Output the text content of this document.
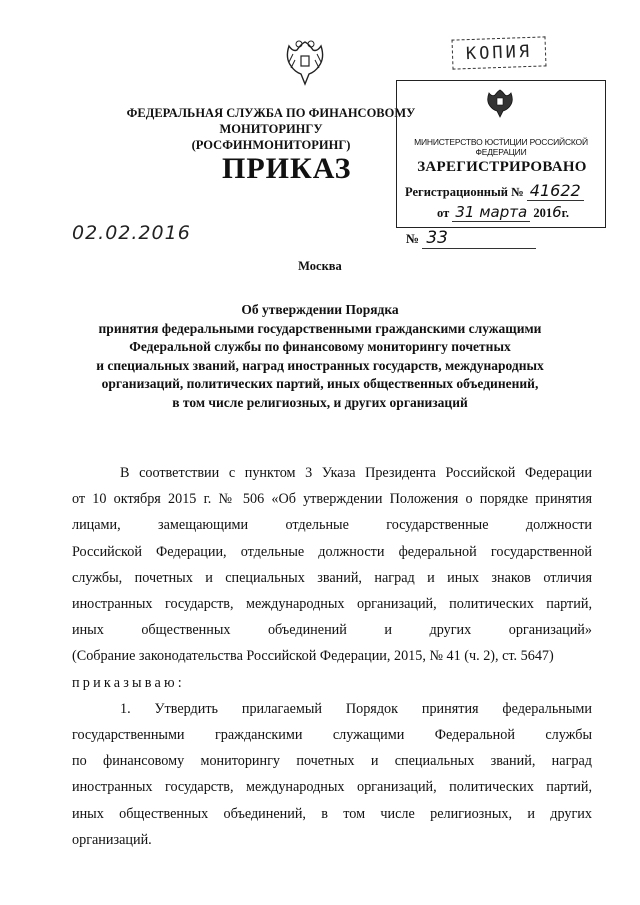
КОПИЯ
ФЕДЕРАЛЬНАЯ СЛУЖБА ПО ФИНАНСОВОМУ МОНИТОРИНГУ
(РОСФИНМОНИТОРИНГ)	МИНИСТЕРСТВО ЮСТИЦИИ РОССИЙСКОЙ ФЕДЕРАЦИИ
ЗАРЕГИСТРИРОВАНО
Регистрационный № 41622
от 31 марта 2016г.
ПРИКАЗ
02.02.2016	№ 33
Москва
Об утверждении Порядка
принятия федеральными государственными гражданскими служащими
Федеральной службы по финансовому мониторингу почетных
и специальных званий, наград иностранных государств, международных
организаций, политических партий, иных общественных объединений,
в том числе религиозных, и других организаций

В соответствии с пунктом 3 Указа Президента Российской Федерации
от 10 октября 2015 г. № 506 «Об утверждении Положения о порядке принятия
лицами, замещающими отдельные государственные должности
Российской Федерации, отдельные должности федеральной государственной
службы, почетных и специальных званий, наград и иных знаков отличия
иностранных государств, международных организаций, политических партий,
иных общественных объединений и других организаций»
(Собрание законодательства Российской Федерации, 2015, № 41 (ч. 2), ст. 5647)
приказываю:

1. Утвердить прилагаемый Порядок принятия федеральными
государственными гражданскими служащими Федеральной службы
по финансовому мониторингу почетных и специальных званий, наград
иностранных государств, международных организаций, политических партий,
иных общественных объединений, в том числе религиозных, и других
организаций.
